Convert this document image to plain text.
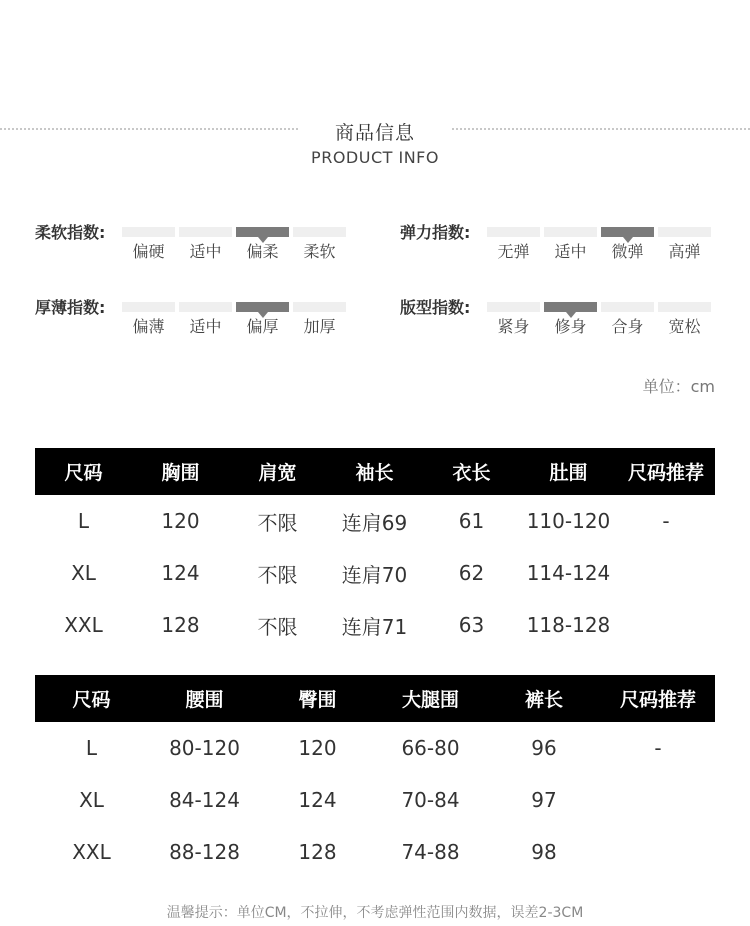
商品信息
PRODUCT INFO
柔软指数:
偏硬	适中	偏柔	柔软
弹力指数:
无弹	适中	微弹	高弹
厚薄指数:
偏薄	适中	偏厚	加厚
版型指数:
紧身	修身	合身	宽松
单位：cm
尺码	胸围	肩宽	袖长	衣长	肚围	尺码推荐
L	120	不限	连肩69	61	110-120	-
XL	124	不限	连肩70	62	114-124	
XXL	128	不限	连肩71	63	118-128	
尺码	腰围	臀围	大腿围	裤长	尺码推荐
L	80-120	120	66-80	96	-
XL	84-124	124	70-84	97	
XXL	88-128	128	74-88	98	
温馨提示：单位CM，不拉伸，不考虑弹性范围内数据，误差2-3CM
